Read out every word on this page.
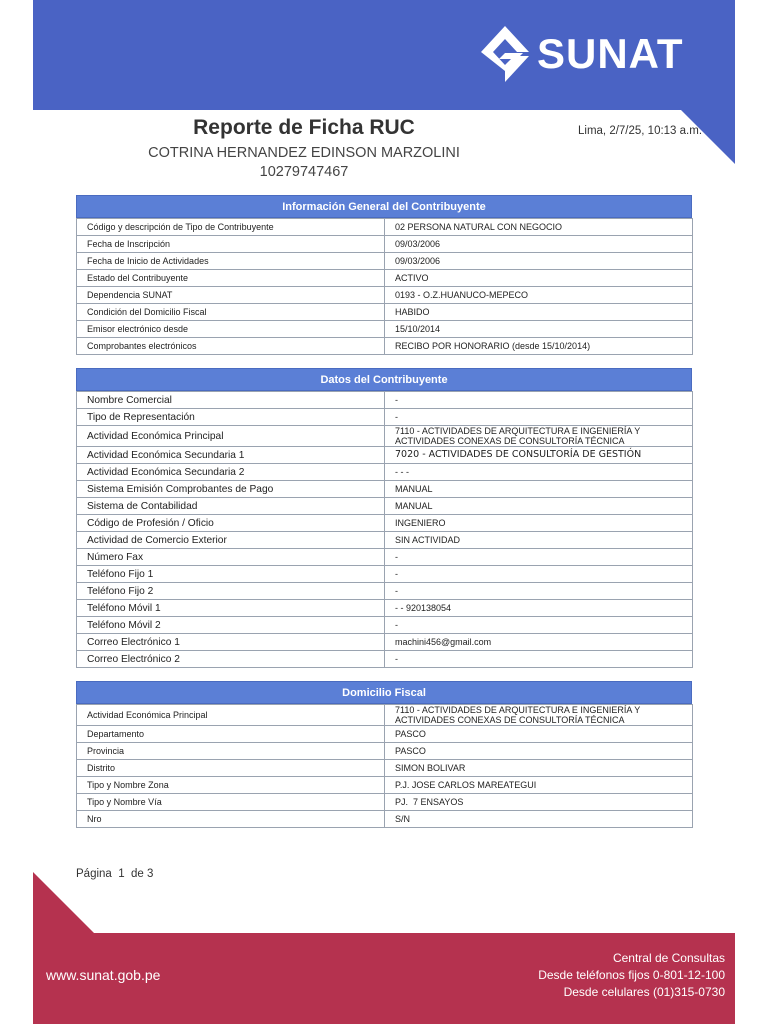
SUNAT
Reporte de Ficha RUC
COTRINA HERNANDEZ EDINSON MARZOLINI
10279747467
Lima, 2/7/25, 10:13 a.m.
Información General del Contribuyente
Código y descripción de Tipo de Contribuyente	02 PERSONA NATURAL CON NEGOCIO
Fecha de Inscripción	09/03/2006
Fecha de Inicio de Actividades	09/03/2006
Estado del Contribuyente	ACTIVO
Dependencia SUNAT	0193 - O.Z.HUANUCO-MEPECO
Condición del Domicilio Fiscal	HABIDO
Emisor electrónico desde	15/10/2014
Comprobantes electrónicos	RECIBO POR HONORARIO (desde 15/10/2014)
Datos del Contribuyente
Nombre Comercial	-
Tipo de Representación	-
Actividad Económica Principal	7110 - ACTIVIDADES DE ARQUITECTURA E INGENIERÍA Y ACTIVIDADES CONEXAS DE CONSULTORÍA TÉCNICA
Actividad Económica Secundaria 1	7020 - ACTIVIDADES DE CONSULTORÍA DE GESTIÓN
Actividad Económica Secundaria 2	- - -
Sistema Emisión Comprobantes de Pago	MANUAL
Sistema de Contabilidad	MANUAL
Código de Profesión / Oficio	INGENIERO
Actividad de Comercio Exterior	SIN ACTIVIDAD
Número Fax	-
Teléfono Fijo 1	-
Teléfono Fijo 2	-
Teléfono Móvil 1	- - 920138054
Teléfono Móvil 2	-
Correo Electrónico 1	machini456@gmail.com
Correo Electrónico 2	-
Domicilio Fiscal
Actividad Económica Principal	7110 - ACTIVIDADES DE ARQUITECTURA E INGENIERÍA Y ACTIVIDADES CONEXAS DE CONSULTORÍA TÉCNICA
Departamento	PASCO
Provincia	PASCO
Distrito	SIMON BOLIVAR
Tipo y Nombre Zona	P.J. JOSE CARLOS MAREATEGUI
Tipo y Nombre Vía	PJ.  7 ENSAYOS
Nro	S/N
Página  1  de 3
www.sunat.gob.pe
Central de Consultas
Desde teléfonos fijos 0-801-12-100
Desde celulares (01)315-0730
